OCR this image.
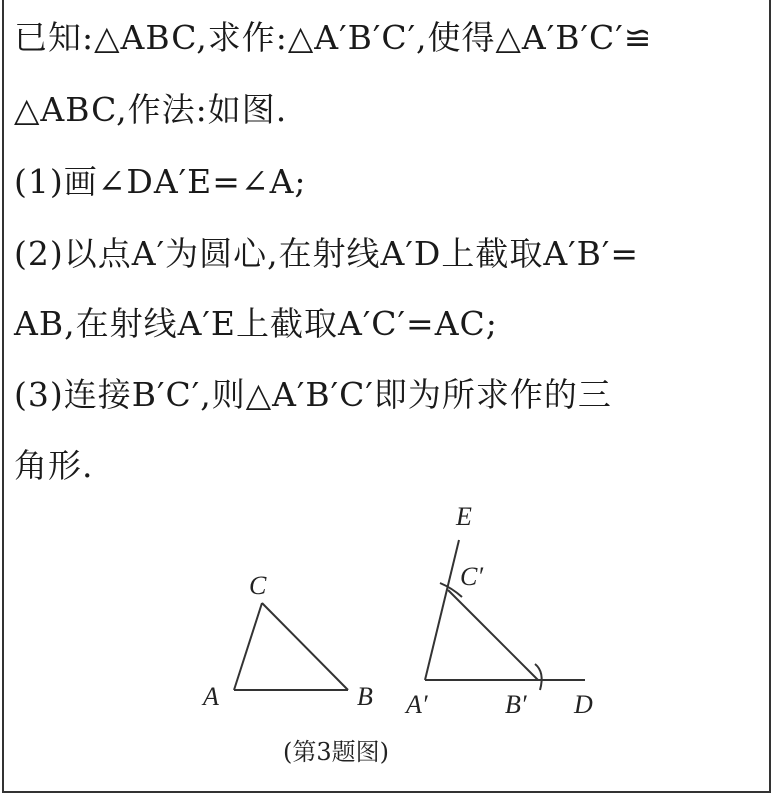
已知:△ABC,求作:△A′B′C′,使得△A′B′C′≌
△ABC,作法:如图.
(1)画∠DA′E=∠A;
(2)以点A′为圆心,在射线A′D上截取A′B′=
AB,在射线A′E上截取A′C′=AC;
(3)连接B′C′,则△A′B′C′即为所求作的三
角形.
C
A	B
E
C′
A′	B′ D
(第3题图)
